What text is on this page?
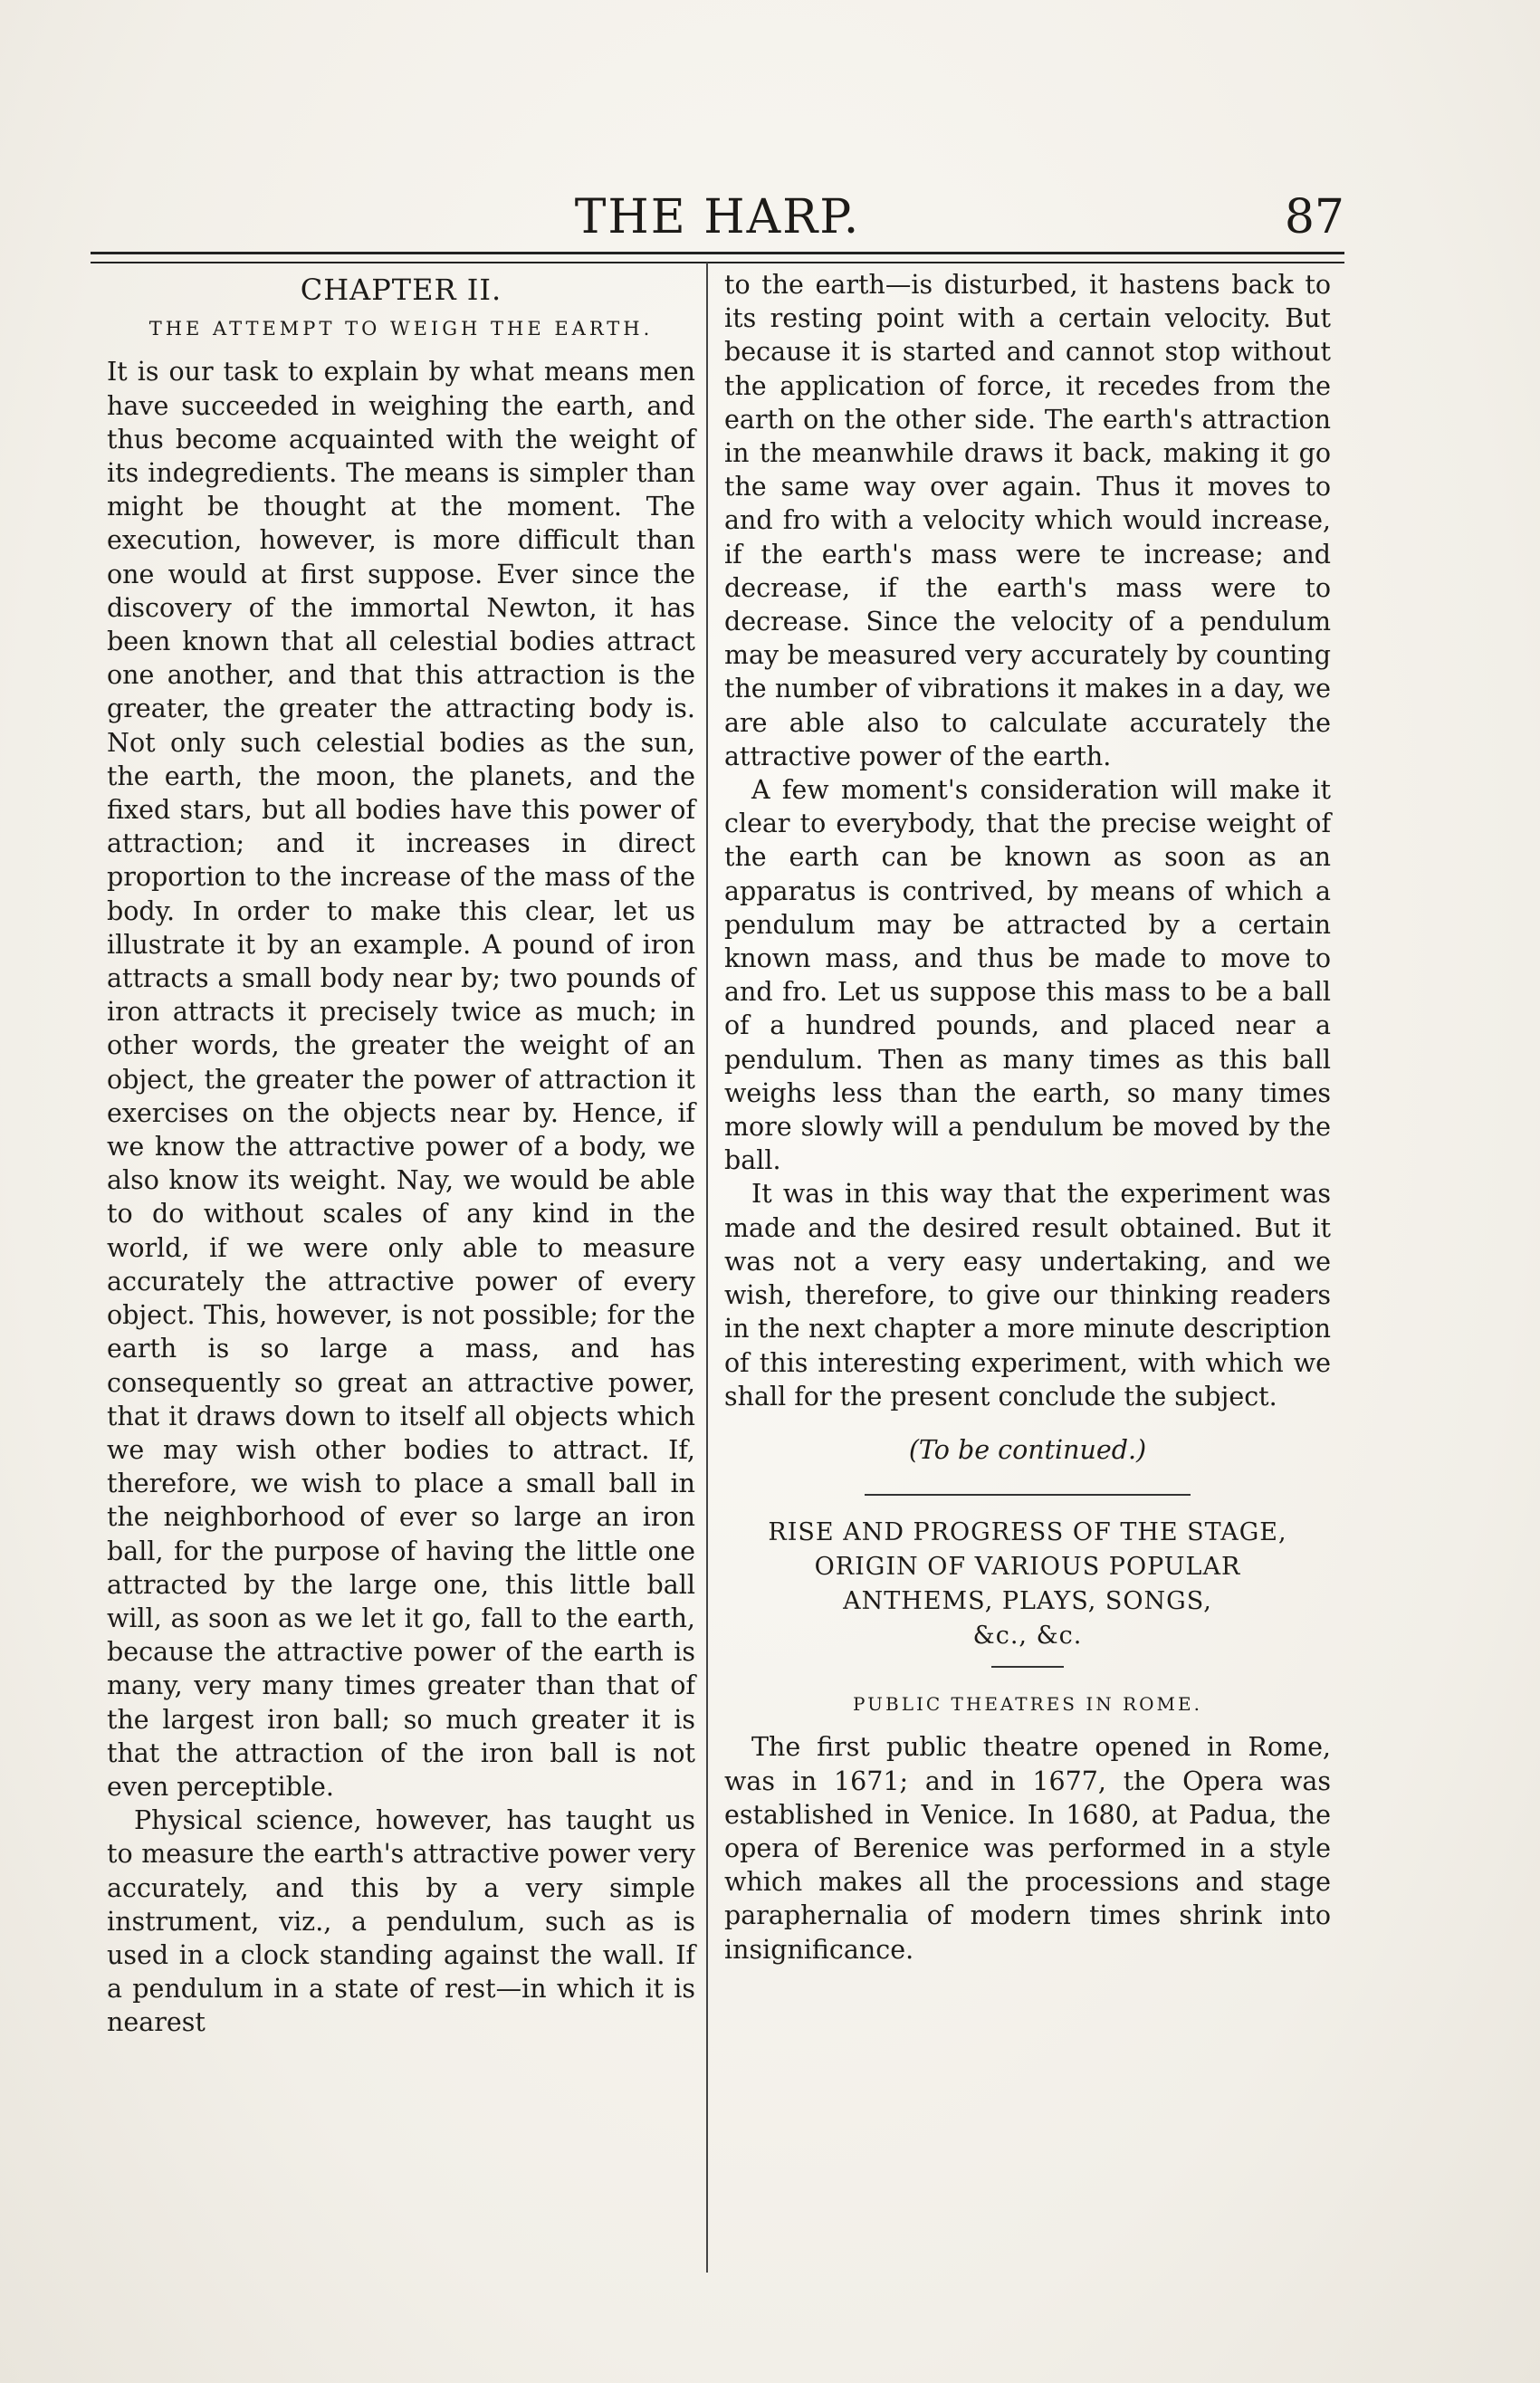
THE HARP.	87
CHAPTER II.
THE ATTEMPT TO WEIGH THE EARTH.

It is our task to explain by what means men have succeeded in weighing the earth, and thus become acquainted with the weight of its indegredients. The means is simpler than might be thought at the moment. The execution, however, is more difficult than one would at first suppose. Ever since the discovery of the immortal Newton, it has been known that all celestial bodies attract one another, and that this attraction is the greater, the greater the attracting body is. Not only such celestial bodies as the sun, the earth, the moon, the planets, and the fixed stars, but all bodies have this power of attraction; and it increases in direct proportion to the increase of the mass of the body. In order to make this clear, let us illustrate it by an example. A pound of iron attracts a small body near by; two pounds of iron attracts it precisely twice as much; in other words, the greater the weight of an object, the greater the power of attraction it exercises on the objects near by. Hence, if we know the attractive power of a body, we also know its weight. Nay, we would be able to do without scales of any kind in the world, if we were only able to measure accurately the attractive power of every object. This, however, is not possible; for the earth is so large a mass, and has consequently so great an attractive power, that it draws down to itself all objects which we may wish other bodies to attract. If, therefore, we wish to place a small ball in the neighborhood of ever so large an iron ball, for the purpose of having the little one attracted by the large one, this little ball will, as soon as we let it go, fall to the earth, because the attractive power of the earth is many, very many times greater than that of the largest iron ball; so much greater it is that the attraction of the iron ball is not even perceptible.

Physical science, however, has taught us to measure the earth's attractive power very accurately, and this by a very simple instrument, viz., a pendulum, such as is used in a clock standing against the wall. If a pendulum in a state of rest—in which it is nearest

to the earth—is disturbed, it hastens back to its resting point with a certain velocity. But because it is started and cannot stop without the application of force, it recedes from the earth on the other side. The earth's attraction in the meanwhile draws it back, making it go the same way over again. Thus it moves to and fro with a velocity which would increase, if the earth's mass were te increase; and decrease, if the earth's mass were to decrease. Since the velocity of a pendulum may be measured very accurately by counting the number of vibrations it makes in a day, we are able also to calculate accurately the attractive power of the earth.

A few moment's consideration will make it clear to everybody, that the precise weight of the earth can be known as soon as an apparatus is contrived, by means of which a pendulum may be attracted by a certain known mass, and thus be made to move to and fro. Let us suppose this mass to be a ball of a hundred pounds, and placed near a pendulum. Then as many times as this ball weighs less than the earth, so many times more slowly will a pendulum be moved by the ball.

It was in this way that the experiment was made and the desired result obtained. But it was not a very easy undertaking, and we wish, therefore, to give our thinking readers in the next chapter a more minute description of this interesting experiment, with which we shall for the present conclude the subject.

(To be continued.)
RISE AND PROGRESS OF THE STAGE,
ORIGIN OF VARIOUS POPULAR
ANTHEMS, PLAYS, SONGS,
&c., &c.
PUBLIC THEATRES IN ROME.

The first public theatre opened in Rome, was in 1671; and in 1677, the Opera was established in Venice. In 1680, at Padua, the opera of Berenice was performed in a style which makes all the processions and stage paraphernalia of modern times shrink into insignificance.
